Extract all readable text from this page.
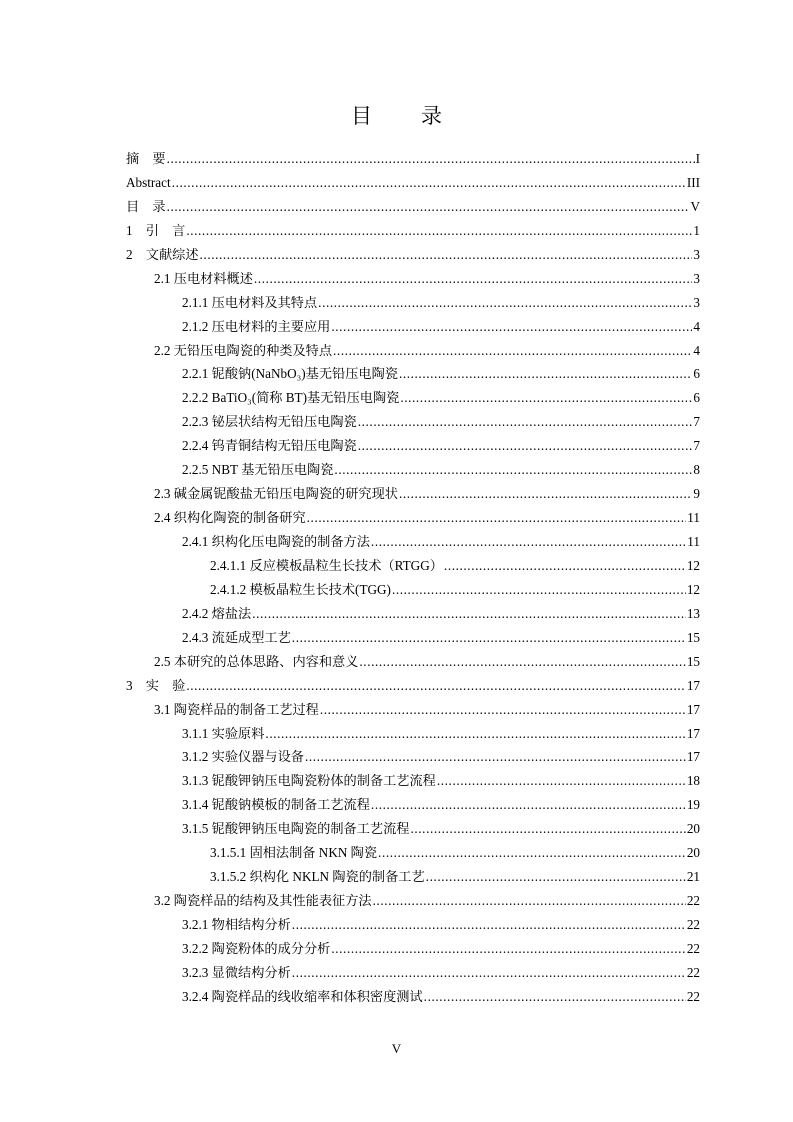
目　录
摘　要 .....	I
Abstract .....	III
目　录 .....	V
1　引　言 .....	1
2　文献综述 .....	3
2.1 压电材料概述 .....	3
2.1.1 压电材料及其特点 .....	3
2.1.2 压电材料的主要应用 .....	4
2.2 无铅压电陶瓷的种类及特点 .....	4
2.2.1 铌酸钠(NaNbO₃)基无铅压电陶瓷 .....	6
2.2.2 BaTiO₃(简称 BT)基无铅压电陶瓷 .....	6
2.2.3 铋层状结构无铅压电陶瓷 .....	7
2.2.4 钨青铜结构无铅压电陶瓷 .....	7
2.2.5 NBT 基无铅压电陶瓷 .....	8
2.3 碱金属铌酸盐无铅压电陶瓷的研究现状 .....	9
2.4 织构化陶瓷的制备研究 .....	11
2.4.1 织构化压电陶瓷的制备方法 .....	11
2.4.1.1 反应模板晶粒生长技术（RTGG） .....	12
2.4.1.2 模板晶粒生长技术(TGG) .....	12
2.4.2 熔盐法 .....	13
2.4.3 流延成型工艺 .....	15
2.5 本研究的总体思路、内容和意义 .....	15
3　实　验 .....	17
3.1 陶瓷样品的制备工艺过程 .....	17
3.1.1 实验原料 .....	17
3.1.2 实验仪器与设备 .....	17
3.1.3 铌酸钾钠压电陶瓷粉体的制备工艺流程 .....	18
3.1.4 铌酸钠模板的制备工艺流程 .....	19
3.1.5 铌酸钾钠压电陶瓷的制备工艺流程 .....	20
3.1.5.1 固相法制备 NKN 陶瓷 .....	20
3.1.5.2 织构化 NKLN 陶瓷的制备工艺 .....	21
3.2 陶瓷样品的结构及其性能表征方法 .....	22
3.2.1 物相结构分析 .....	22
3.2.2 陶瓷粉体的成分分析 .....	22
3.2.3 显微结构分析 .....	22
3.2.4 陶瓷样品的线收缩率和体积密度测试 .....	22
V
